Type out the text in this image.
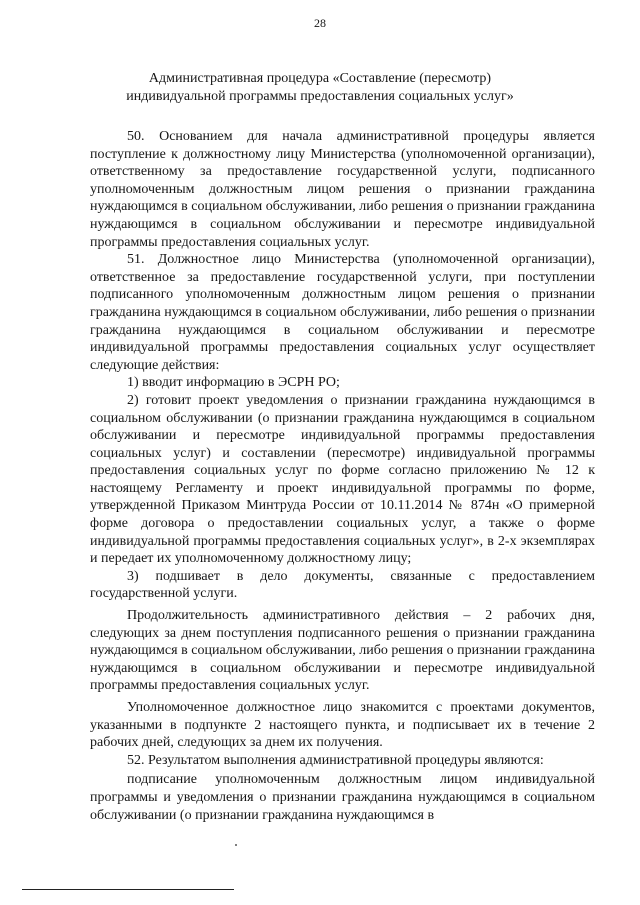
28
Административная процедура «Составление (пересмотр)
индивидуальной программы предоставления социальных услуг»

50. Основанием для начала административной процедуры является поступление к должностному лицу Министерства (уполномоченной организации), ответственному за предоставление государственной услуги, подписанного уполномоченным должностным лицом решения о признании гражданина нуждающимся в социальном обслуживании, либо решения о признании гражданина нуждающимся в социальном обслуживании и пересмотре индивидуальной программы предоставления социальных услуг.

51. Должностное лицо Министерства (уполномоченной организации), ответственное за предоставление государственной услуги, при поступлении подписанного уполномоченным должностным лицом решения о признании гражданина нуждающимся в социальном обслуживании, либо решения о признании гражданина нуждающимся в социальном обслуживании и пересмотре индивидуальной программы предоставления социальных услуг осуществляет следующие действия:

1) вводит информацию в ЭСРН РО;

2) готовит проект уведомления о признании гражданина нуждающимся в социальном обслуживании (о признании гражданина нуждающимся в социальном обслуживании и пересмотре индивидуальной программы предоставления социальных услуг) и составлении (пересмотре) индивидуальной программы предоставления социальных услуг по форме согласно приложению № 12 к настоящему Регламенту и проект индивидуальной программы по форме, утвержденной Приказом Минтруда России от 10.11.2014 № 874н «О примерной форме договора о предоставлении социальных услуг, а также о форме индивидуальной программы предоставления социальных услуг», в 2-х экземплярах и передает их уполномоченному должностному лицу;

3) подшивает в дело документы, связанные с предоставлением государственной услуги.

Продолжительность административного действия – 2 рабочих дня, следующих за днем поступления подписанного решения о признании гражданина нуждающимся в социальном обслуживании, либо решения о признании гражданина нуждающимся в социальном обслуживании и пересмотре индивидуальной программы предоставления социальных услуг.

Уполномоченное должностное лицо знакомится с проектами документов, указанными в подпункте 2 настоящего пункта, и подписывает их в течение 2 рабочих дней, следующих за днем их получения.

52. Результатом выполнения административной процедуры являются:

подписание уполномоченным должностным лицом индивидуальной программы и уведомления о признании гражданина нуждающимся в социальном обслуживании (о признании гражданина нуждающимся в
